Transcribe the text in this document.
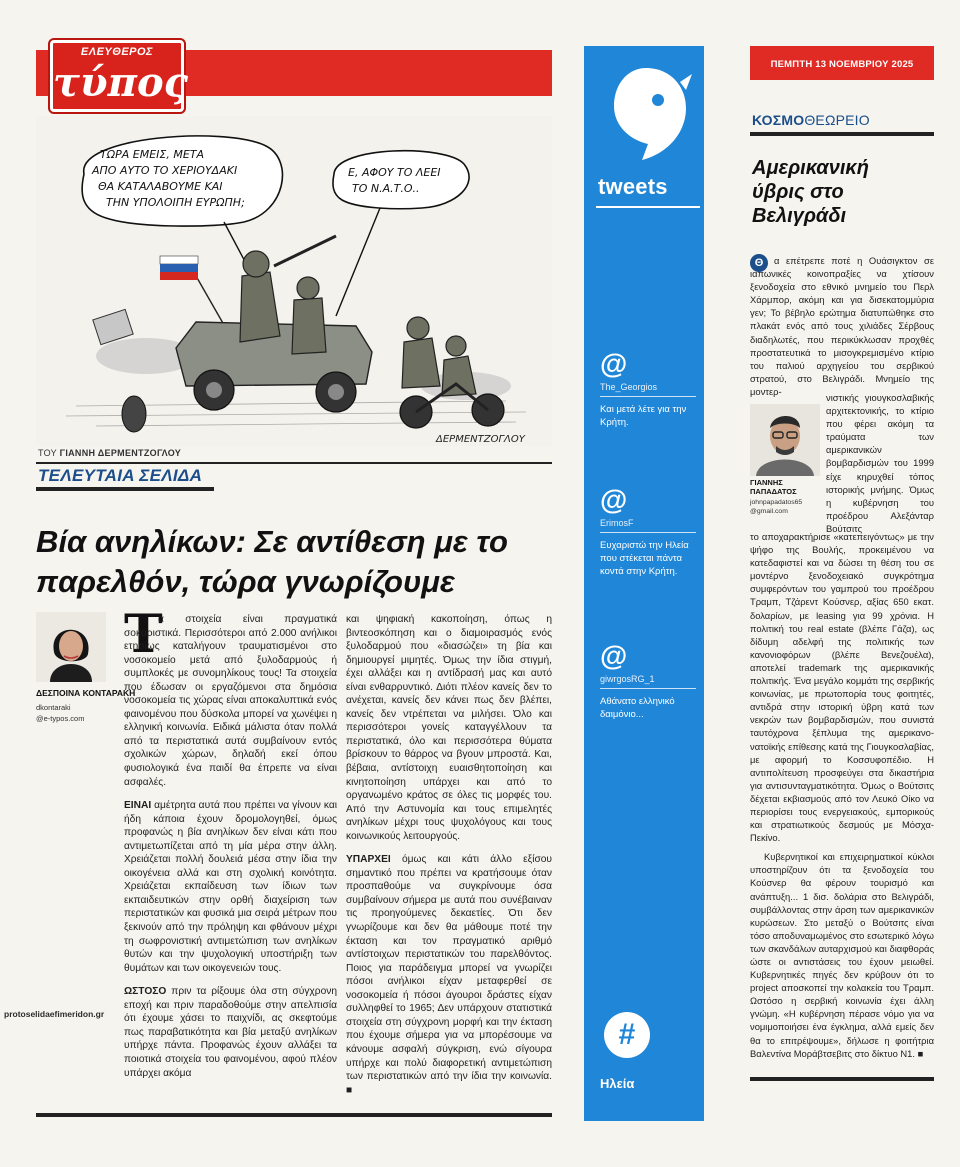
ΕΛΕΥΘΕΡΟΣ
τύπος
ΤΩΡΑ ΕΜΕΙΣ, ΜΕΤΑ ΑΠΟ ΑΥΤΟ ΤΟ ΧΕΡΙΟΥΔΑΚΙ ΘΑ ΚΑΤΑΛΑΒΟΥΜΕ ΚΑΙ ΤΗΝ ΥΠΟΛΟΙΠΗ ΕΥΡΩΠΗ;
Ε, ΑΦΟΥ ΤΟ ΛΕΕΙ ΤΟ Ν.Α.Τ.Ο..
ΔΕΡΜΕΝΤΖΟΓΛΟΥ
ΤΟΥ ΓΙΑΝΝΗ ΔΕΡΜΕΝΤΖΟΓΛΟΥ
ΤΕΛΕΥΤΑΙΑ ΣΕΛΙΔΑ
Βία ανηλίκων: Σε αντίθεση με το παρελθόν, τώρα γνωρίζουμε
ΔΕΣΠΟΙΝΑ ΚΟΝΤΑΡΑΚΗ
dkontaraki
@e-typos.com
Τ

α στοιχεία είναι πραγματικά σοκαριστικά. Περισσότεροι από 2.000 ανήλικοι ετησίως καταλήγουν τραυματισμένοι στο νοσοκομείο μετά από ξυλοδαρμούς ή συμπλοκές με συνομηλίκους τους! Τα στοιχεία που έδωσαν οι εργαζόμενοι στα δημόσια νοσοκομεία τις χώρας είναι αποκαλυπτικά ενός φαινομένου που δύσκολα μπορεί να χωνέψει η ελληνική κοινωνία. Ειδικά μάλιστα όταν πολλά από τα περιστατικά αυτά συμβαίνουν εντός σχολικών χώρων, δηλαδή εκεί όπου φυσιολογικά ένα παιδί θα έπρεπε να είναι ασφαλές.

ΕΙΝΑΙ αμέτρητα αυτά που πρέπει να γίνουν και ήδη κάποια έχουν δρομολογηθεί, όμως προφανώς η βία ανηλίκων δεν είναι κάτι που αντιμετωπίζεται από τη μία μέρα στην άλλη. Χρειάζεται πολλή δουλειά μέσα στην ίδια την οικογένεια αλλά και στη σχολική κοινότητα. Χρειάζεται εκπαίδευση των ίδιων των εκπαιδευτικών στην ορθή διαχείριση των περιστατικών και φυσικά μια σειρά μέτρων που ξεκινούν από την πρόληψη και φθάνουν μέχρι τη σωφρονιστική αντιμετώπιση των ανηλίκων θυτών και την ψυχολογική υποστήριξη των θυμάτων και των οικογενειών τους.

ΩΣΤΟΣΟ πριν τα ρίξουμε όλα στη σύγχρονη εποχή και πριν παραδοθούμε στην απελπισία ότι έχουμε χάσει το παιχνίδι, ας σκεφτούμε πως παραβατικότητα και βία μεταξύ ανηλίκων υπήρχε πάντα. Προφανώς έχουν αλλάξει τα ποιοτικά στοιχεία του φαινομένου, αφού πλέον υπάρχει ακόμα

και ψηφιακή κακοποίηση, όπως η βιντεοσκόπηση και ο διαμοιρασμός ενός ξυλοδαρμού που «διασώζει» τη βία και δημιουργεί μιμητές. Όμως την ίδια στιγμή, έχει αλλάξει και η αντίδρασή μας και αυτό είναι ενθαρρυντικό. Διότι πλέον κανείς δεν το ανέχεται, κανείς δεν κάνει πως δεν βλέπει, κανείς δεν ντρέπεται να μιλήσει. Όλο και περισσότεροι γονείς καταγγέλλουν τα περιστατικά, όλο και περισσότερα θύματα βρίσκουν το θάρρος να βγουν μπροστά. Και, βέβαια, αντίστοιχη ευαισθητοποίηση και κινητοποίηση υπάρχει και από το οργανωμένο κράτος σε όλες τις μορφές του. Από την Αστυνομία και τους επιμελητές ανηλίκων μέχρι τους ψυχολόγους και τους κοινωνικούς λειτουργούς.

ΥΠΑΡΧΕΙ όμως και κάτι άλλο εξίσου σημαντικό που πρέπει να κρατήσουμε όταν προσπαθούμε να συγκρίνουμε όσα συμβαίνουν σήμερα με αυτά που συνέβαιναν τις προηγούμενες δεκαετίες. Ότι δεν γνωρίζουμε και δεν θα μάθουμε ποτέ την έκταση και τον πραγματικό αριθμό αντίστοιχων περιστατικών του παρελθόντος. Ποιος για παράδειγμα μπορεί να γνωρίζει πόσοι ανήλικοι είχαν μεταφερθεί σε νοσοκομεία ή πόσοι άγουροι δράστες είχαν συλληφθεί το 1965; Δεν υπάρχουν στατιστικά στοιχεία στη σύγχρονη μορφή και την έκταση που έχουμε σήμερα για να μπορέσουμε να κάνουμε ασφαλή σύγκριση, ενώ σίγουρα υπήρχε και πολύ διαφορετική αντιμετώπιση των περιστατικών από την ίδια την κοινωνία. ■

protoselidaefimeridon.gr
tweets
@
The_Georgios
Και μετά λέτε για την Κρήτη.
@
ErimosF
Ευχαριστώ την Ηλεία που στέκεται πάντα κοντά στην Κρήτη.
@
giwrgosRG_1
Αθάνατο ελληνικό δαιμόνιο...
#
Ηλεία
ΠΕΜΠΤΗ 13 ΝΟΕΜΒΡΙΟΥ 2025
ΚΟΣΜΟΘΕΩΡΕΙΟ
Αμερικανική
ύβρις στο
Βελιγράδι
Θ	α επέτρεπε ποτέ η Ουάσιγκτον σε ιαπωνικές κοινοπραξίες να χτίσουν ξενοδοχεία στο εθνικό μνημείο του Περλ Χάρμπορ, ακόμη και για δισεκατομμύρια γεν; Το βέβηλο ερώτημα διατυπώθηκε στο πλακάτ ενός από τους χιλιάδες Σέρβους διαδηλωτές, που περικύκλωσαν προχθές προστατευτικά το μισογκρεμισμένο κτίριο του παλιού αρχηγείου του σερβικού στρατού, στο Βελιγράδι. Μνημείο της μοντερ-

ΓΙΑΝΝΗΣ ΠΑΠΑΔΑΤΟΣ
johnpapadatos65
@gmail.com

νιστικής γιουγκοσλαβικής αρχιτεκτονικής, το κτίριο που φέρει ακόμη τα τραύματα των αμερικανικών βομβαρδισμών του 1999 είχε κηρυχθεί τόπος ιστορικής μνήμης. Όμως η κυβέρνηση του προέδρου Αλεξάνταρ Βούτσιτς

το αποχαρακτήρισε «κατεπειγόντως» με την ψήφο της Βουλής, προκειμένου να κατεδαφιστεί και να δώσει τη θέση του σε μοντέρνο ξενοδοχειακό συγκρότημα συμφερόντων του γαμπρού του προέδρου Τραμπ, Τζάρεντ Κούσνερ, αξίας 650 εκατ. δολαρίων, με leasing για 99 χρόνια. Η πολιτική του real estate (βλέπε Γάζα), ως δίδυμη αδελφή της πολιτικής των κανονιοφόρων (βλέπε Βενεζουέλα), αποτελεί trademark της αμερικανικής πολιτικής. Ένα μεγάλο κομμάτι της σερβικής κοινωνίας, με πρωτοπορία τους φοιτητές, αντιδρά στην ιστορική ύβρη κατά των νεκρών των βομβαρδισμών, που συνιστά ταυτόχρονα ξέπλυμα της αμερικανο-νατοϊκής επίθεσης κατά της Γιουγκοσλαβίας, με αφορμή το Κοσσυφοπέδιο. Η αντιπολίτευση προσφεύγει στα δικαστήρια για αντισυνταγματικότητα. Όμως ο Βούτσιτς δέχεται εκβιασμούς από τον Λευκό Οίκο να περιορίσει τους ενεργειακούς, εμπορικούς και στρατιωτικούς δεσμούς με Μόσχα-Πεκίνο.

Κυβερνητικοί και επιχειρηματικοί κύκλοι υποστηρίζουν ότι τα ξενοδοχεία του Κούσνερ θα φέρουν τουρισμό και ανάπτυξη... 1 δισ. δολάρια στο Βελιγράδι, συμβάλλοντας στην άρση των αμερικανικών κυρώσεων. Στο μεταξύ ο Βούτσιτς είναι τόσο αποδυναμωμένος στο εσωτερικό λόγω των σκανδάλων αυταρχισμού και διαφθοράς ώστε οι αντιστάσεις του έχουν μειωθεί. Κυβερνητικές πηγές δεν κρύβουν ότι το project αποσκοπεί την κολακεία του Τραμπ. Ωστόσο η σερβική κοινωνία έχει άλλη γνώμη. «Η κυβέρνηση πέρασε νόμο για να νομιμοποιήσει ένα έγκλημα, αλλά εμείς δεν θα το επιτρέψουμε», δήλωσε η φοιτήτρια Βαλεντίνα Μοράβτσεβιτς στο δίκτυο Ν1. ■
